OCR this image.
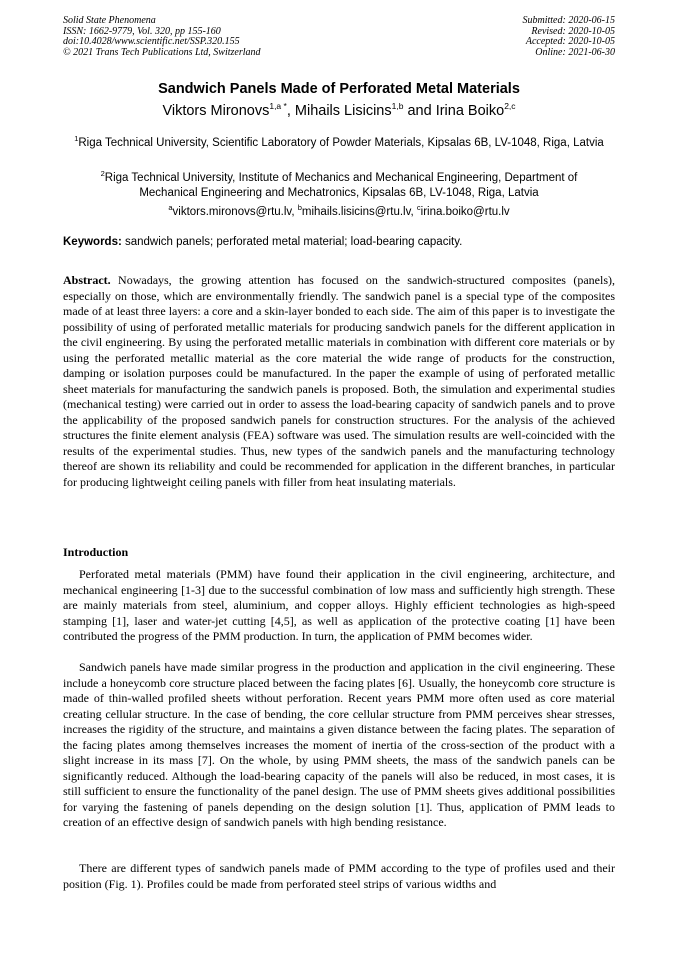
Solid State Phenomena
ISSN: 1662-9779, Vol. 320, pp 155-160
doi:10.4028/www.scientific.net/SSP.320.155
© 2021 Trans Tech Publications Ltd, Switzerland
Submitted: 2020-06-15
Revised: 2020-10-05
Accepted: 2020-10-05
Online: 2021-06-30
Sandwich Panels Made of Perforated Metal Materials
Viktors Mironovs$^{1,a *}$, Mihails Lisicins$^{1,b}$ and Irina Boiko$^{2,c}$
$^1$Riga Technical University, Scientific Laboratory of Powder Materials, Kipsalas 6B, LV-1048, Riga, Latvia
$^2$Riga Technical University, Institute of Mechanics and Mechanical Engineering, Department of Mechanical Engineering and Mechatronics, Kipsalas 6B, LV-1048, Riga, Latvia
$^a$viktors.mironovs@rtu.lv, $^b$mihails.lisicins@rtu.lv, $^c$irina.boiko@rtu.lv
Keywords: sandwich panels; perforated metal material; load-bearing capacity.

Abstract. Nowadays, the growing attention has focused on the sandwich-structured composites (panels), especially on those, which are environmentally friendly. The sandwich panel is a special type of the composites made of at least three layers: a core and a skin-layer bonded to each side. The aim of this paper is to investigate the possibility of using of perforated metallic materials for producing sandwich panels for the different application in the civil engineering. By using the perforated metallic materials in combination with different core materials or by using the perforated metallic material as the core material the wide range of products for the construction, damping or isolation purposes could be manufactured. In the paper the example of using of perforated metallic sheet materials for manufacturing the sandwich panels is proposed. Both, the simulation and experimental studies (mechanical testing) were carried out in order to assess the load-bearing capacity of sandwich panels and to prove the applicability of the proposed sandwich panels for construction structures. For the analysis of the achieved structures the finite element analysis (FEA) software was used. The simulation results are well-coincided with the results of the experimental studies. Thus, new types of the sandwich panels and the manufacturing technology thereof are shown its reliability and could be recommended for application in the different branches, in particular for producing lightweight ceiling panels with filler from heat insulating materials.

Introduction

Perforated metal materials (PMM) have found their application in the civil engineering, architecture, and mechanical engineering [1-3] due to the successful combination of low mass and sufficiently high strength. These are mainly materials from steel, aluminium, and copper alloys. Highly efficient technologies as high-speed stamping [1], laser and water-jet cutting [4,5], as well as application of the protective coating [1] have been contributed the progress of the PMM production. In turn, the application of PMM becomes wider.

Sandwich panels have made similar progress in the production and application in the civil engineering. These include a honeycomb core structure placed between the facing plates [6]. Usually, the honeycomb core structure is made of thin-walled profiled sheets without perforation. Recent years PMM more often used as core material creating cellular structure. In the case of bending, the core cellular structure from PMM perceives shear stresses, increases the rigidity of the structure, and maintains a given distance between the facing plates. The separation of the facing plates among themselves increases the moment of inertia of the cross-section of the product with a slight increase in its mass [7]. On the whole, by using PMM sheets, the mass of the sandwich panels can be significantly reduced. Although the load-bearing capacity of the panels will also be reduced, in most cases, it is still sufficient to ensure the functionality of the panel design. The use of PMM sheets gives additional possibilities for varying the fastening of panels depending on the design solution [1]. Thus, application of PMM leads to creation of an effective design of sandwich panels with high bending resistance.

There are different types of sandwich panels made of PMM according to the type of profiles used and their position (Fig. 1). Profiles could be made from perforated steel strips of various widths and
